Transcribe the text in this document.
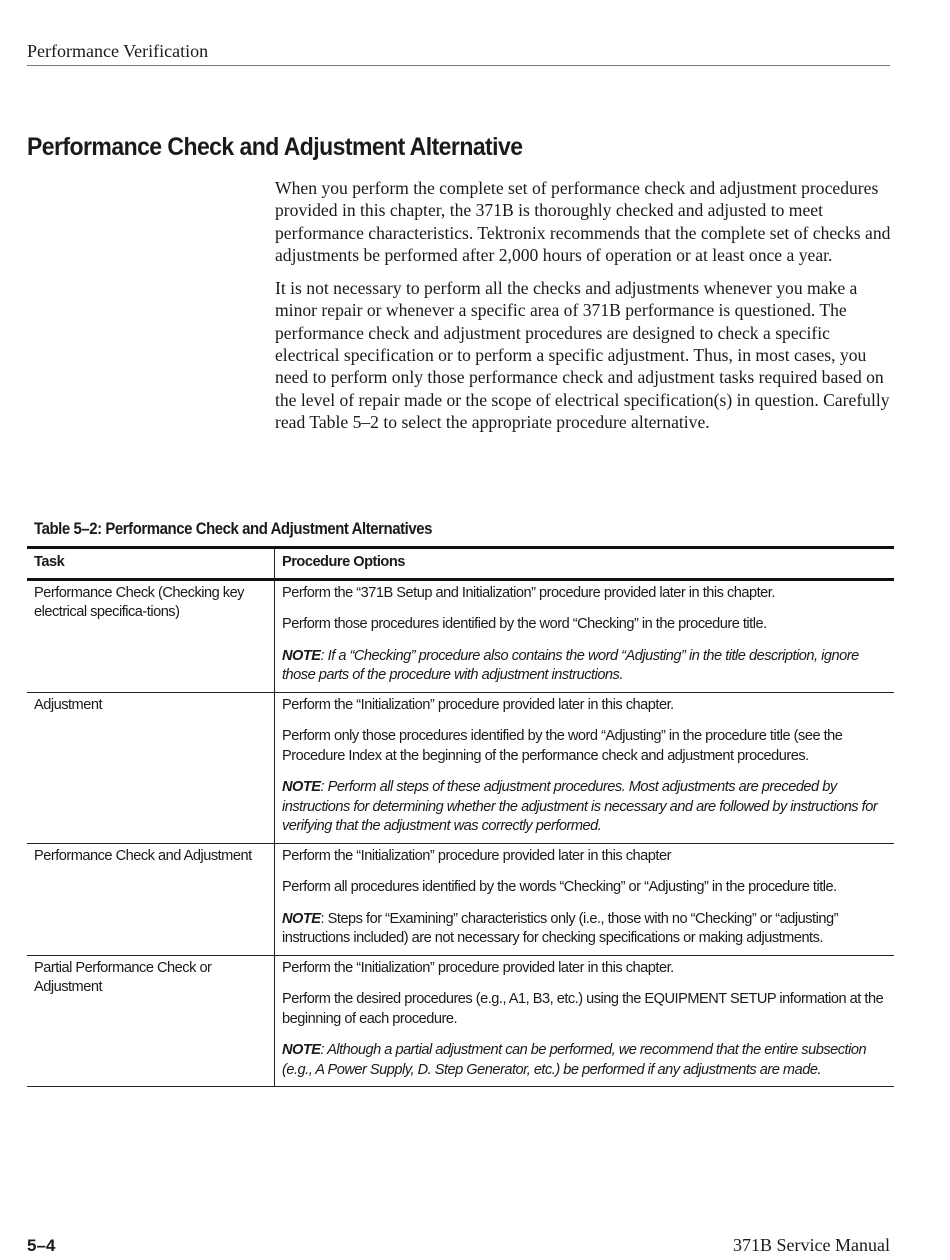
Performance Verification
Performance Check and Adjustment Alternative

When you perform the complete set of performance check and adjustment procedures provided in this chapter, the 371B is thoroughly checked and adjusted to meet performance characteristics. Tektronix recommends that the complete set of checks and adjustments be performed after 2,000 hours of operation or at least once a year.

It is not necessary to perform all the checks and adjustments whenever you make a minor repair or whenever a specific area of 371B performance is questioned. The performance check and adjustment procedures are designed to check a specific electrical specification or to perform a specific adjustment. Thus, in most cases, you need to perform only those performance check and adjustment tasks required based on the level of repair made or the scope of electrical specification(s) in question. Carefully read Table 5–2 to select the appropriate procedure alternative.

Table 5–2: Performance Check and Adjustment Alternatives
Task	Procedure Options
Performance Check (Checking key electrical specifica-tions)	Perform the “371B Setup and Initialization” procedure provided later in this chapter.
Perform those procedures identified by the word “Checking” in the procedure title.
NOTE: If a “Checking” procedure also contains the word “Adjusting” in the title description, ignore those parts of the procedure with adjustment instructions.

Adjustment	Perform the “Initialization” procedure provided later in this chapter.
Perform only those procedures identified by the word “Adjusting” in the procedure title (see the Procedure Index at the beginning of the performance check and adjustment procedures.
NOTE: Perform all steps of these adjustment procedures. Most adjustments are preceded by instructions for determining whether the adjustment is necessary and are followed by instructions for verifying that the adjustment was correctly performed.

Performance Check and Adjustment	Perform the “Initialization” procedure provided later in this chapter
Perform all procedures identified by the words “Checking” or “Adjusting” in the procedure title.
NOTE: Steps for “Examining” characteristics only (i.e., those with no “Checking” or “adjusting” instructions included) are not necessary for checking specifications or making adjustments.

Partial Performance Check or Adjustment	Perform the “Initialization” procedure provided later in this chapter.
Perform the desired procedures (e.g., A1, B3, etc.) using the EQUIPMENT SETUP information at the beginning of each procedure.
NOTE: Although a partial adjustment can be performed, we recommend that the entire subsection (e.g., A Power Supply, D. Step Generator, etc.) be performed if any adjustments are made.
5–4	371B Service Manual
